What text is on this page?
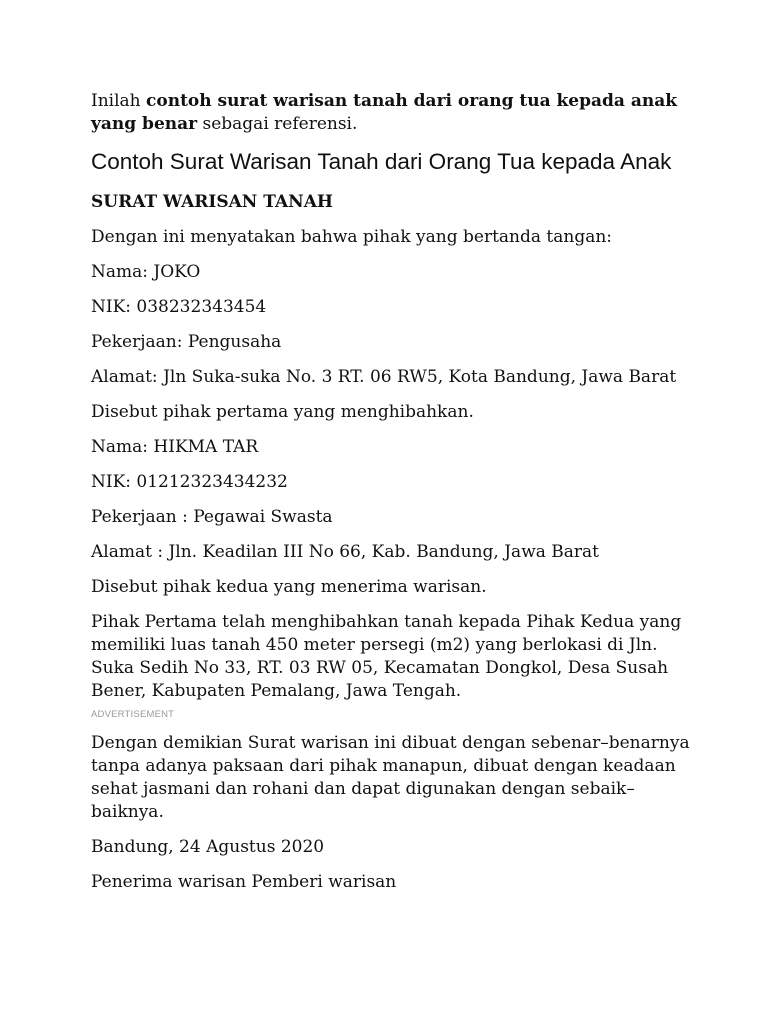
Inilah contoh surat warisan tanah dari orang tua kepada anak yang benar sebagai referensi.

Contoh Surat Warisan Tanah dari Orang Tua kepada Anak

SURAT WARISAN TANAH

Dengan ini menyatakan bahwa pihak yang bertanda tangan:

Nama: JOKO

NIK: 038232343454

Pekerjaan: Pengusaha

Alamat: Jln Suka-suka No. 3 RT. 06 RW5, Kota Bandung, Jawa Barat

Disebut pihak pertama yang menghibahkan.

Nama: HIKMA TAR

NIK: 01212323434232

Pekerjaan : Pegawai Swasta

Alamat : Jln. Keadilan III No 66, Kab. Bandung, Jawa Barat

Disebut pihak kedua yang menerima warisan.

Pihak Pertama telah menghibahkan tanah kepada Pihak Kedua yang memiliki luas tanah 450 meter persegi (m2) yang berlokasi di Jln. Suka Sedih No 33, RT. 03 RW 05, Kecamatan Dongkol, Desa Susah Bener, Kabupaten Pemalang, Jawa Tengah.

ADVERTISEMENT

Dengan demikian Surat warisan ini dibuat dengan sebenar–benarnya tanpa adanya paksaan dari pihak manapun, dibuat dengan keadaan sehat jasmani dan rohani dan dapat digunakan dengan sebaik–baiknya.

Bandung, 24 Agustus 2020

Penerima warisan Pemberi warisan
